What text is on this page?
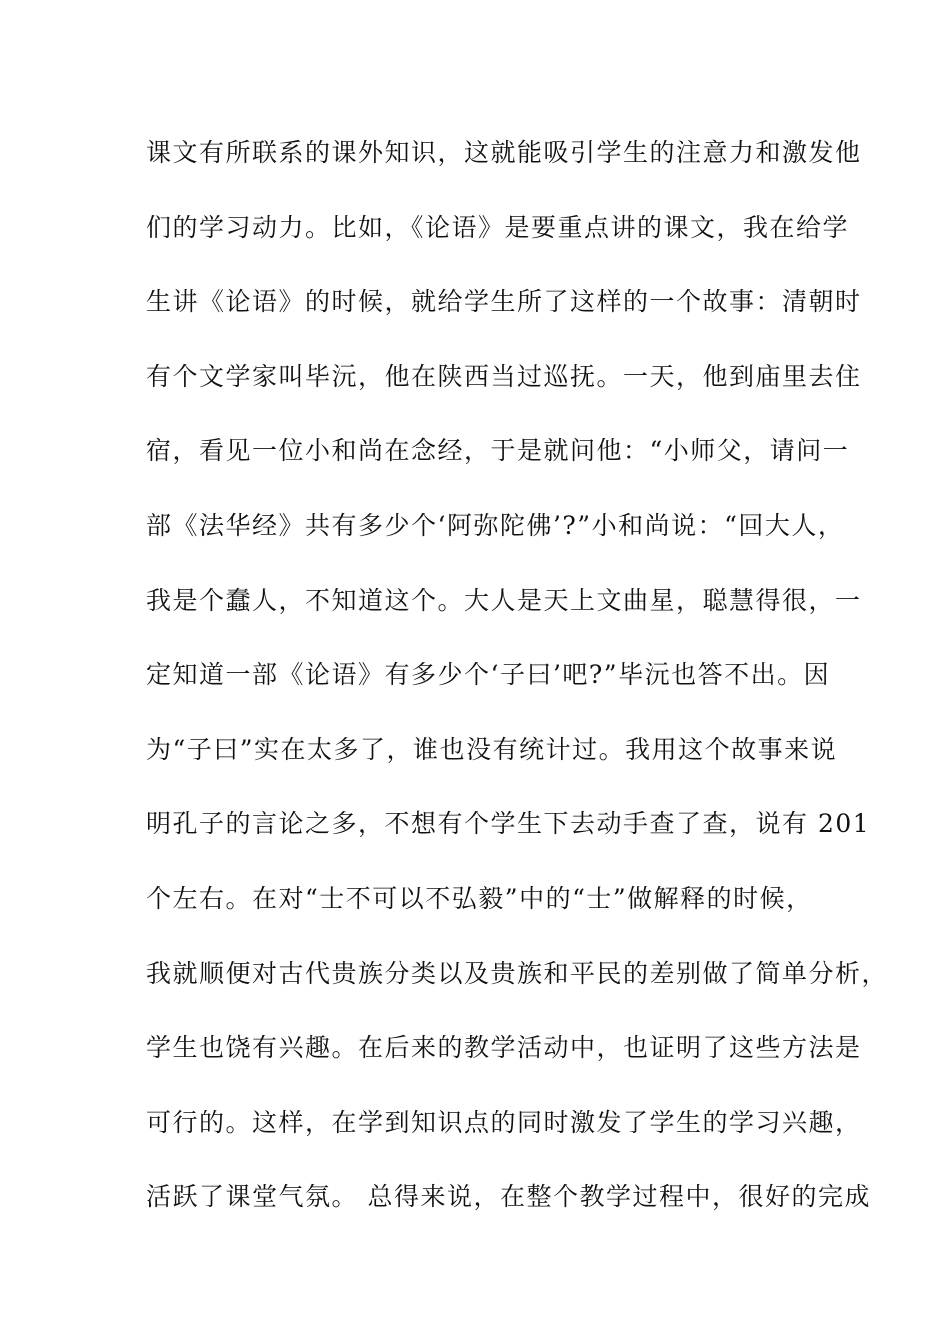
课文有所联系的课外知识，这就能吸引学生的注意力和激发他
们的学习动力。比如，《论语》是要重点讲的课文，我在给学
生讲《论语》的时候，就给学生所了这样的一个故事：清朝时
有个文学家叫毕沅，他在陕西当过巡抚。一天，他到庙里去住
宿，看见一位小和尚在念经，于是就问他：“小师父，请问一
部《法华经》共有多少个‘阿弥陀佛’?”小和尚说：“回大人，
我是个蠢人，不知道这个。大人是天上文曲星，聪慧得很，一
定知道一部《论语》有多少个‘子曰’吧?”毕沅也答不出。因
为“子曰”实在太多了，谁也没有统计过。我用这个故事来说
明孔子的言论之多，不想有个学生下去动手查了查，说有 201
个左右。在对“士不可以不弘毅”中的“士”做解释的时候，
我就顺便对古代贵族分类以及贵族和平民的差别做了简单分析，
学生也饶有兴趣。在后来的教学活动中，也证明了这些方法是
可行的。这样，在学到知识点的同时激发了学生的学习兴趣，
活跃了课堂气氛。 总得来说，在整个教学过程中，很好的完成
